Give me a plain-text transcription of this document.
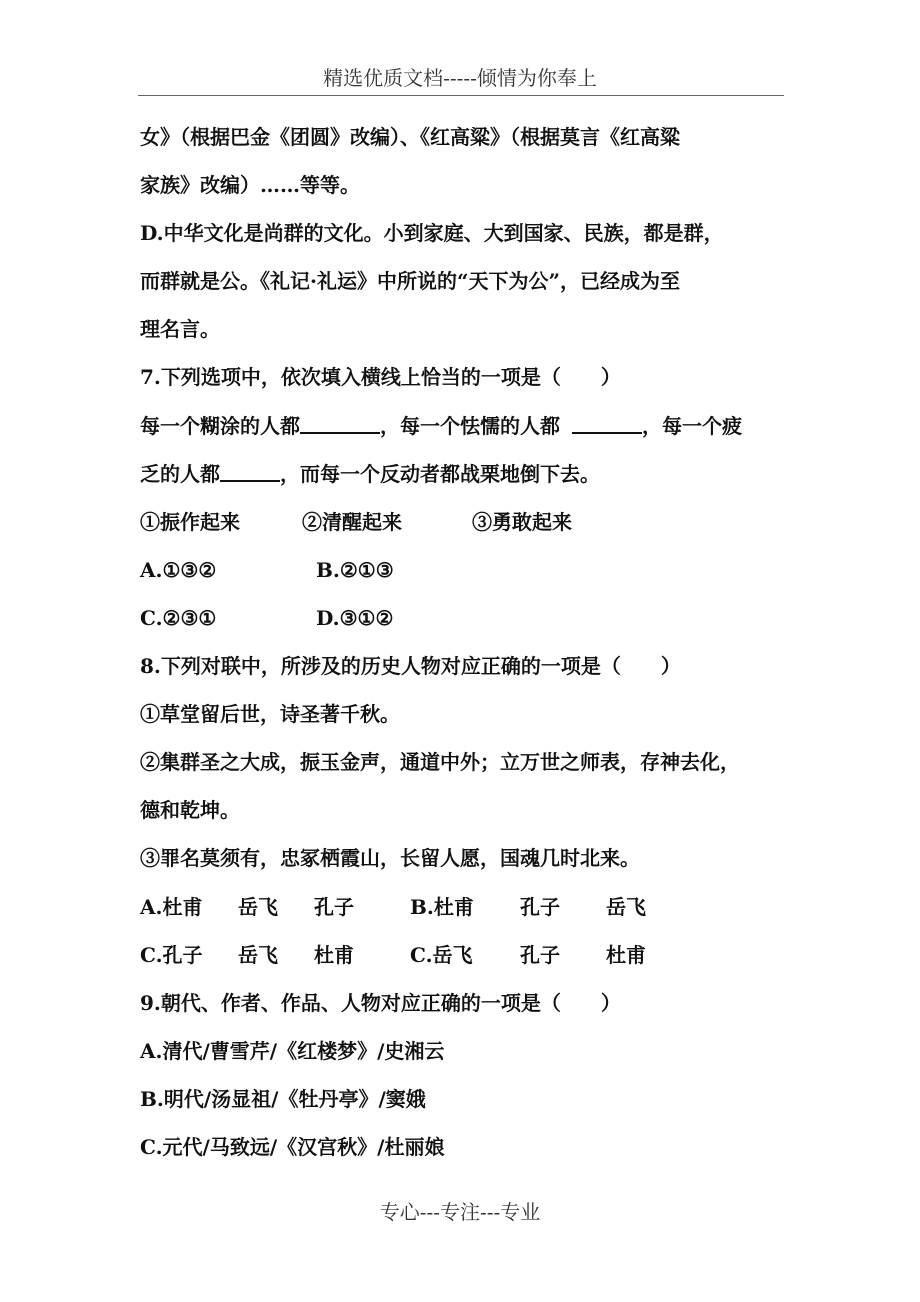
精选优质文档-----倾情为你奉上
女》（根据巴金《团圆》改编）、《红高粱》（根据莫言《红高粱
家族》改编）……等等。
D.中华文化是尚群的文化。小到家庭、大到国家、民族，都是群，
而群就是公。《礼记·礼运》中所说的“天下为公”，已经成为至
理名言。
7.下列选项中，依次填入横线上恰当的一项是（　　）
每一个糊涂的人都	，每一个怯懦的人都	，每一个疲
乏的人都	，而每一个反动者都战栗地倒下去。
①振作起来	②清醒起来	③勇敢起来
A.①③②	B.②①③
C.②③①	D.③①②
8.下列对联中，所涉及的历史人物对应正确的一项是（　　）
①草堂留后世，诗圣著千秋。
②集群圣之大成，振玉金声，通道中外；立万世之师表，存神去化，
德和乾坤。
③罪名莫须有，忠冢栖霞山，长留人愿，国魂几时北来。
A.杜甫 岳飞 孔子	B.杜甫 孔子 岳飞
C.孔子 岳飞 杜甫	C.岳飞 孔子 杜甫
9.朝代、作者、作品、人物对应正确的一项是（　　）
A.清代/曹雪芹/《红楼梦》/史湘云
B.明代/汤显祖/《牡丹亭》/窦娥
C.元代/马致远/《汉宫秋》/杜丽娘
专心---专注---专业
